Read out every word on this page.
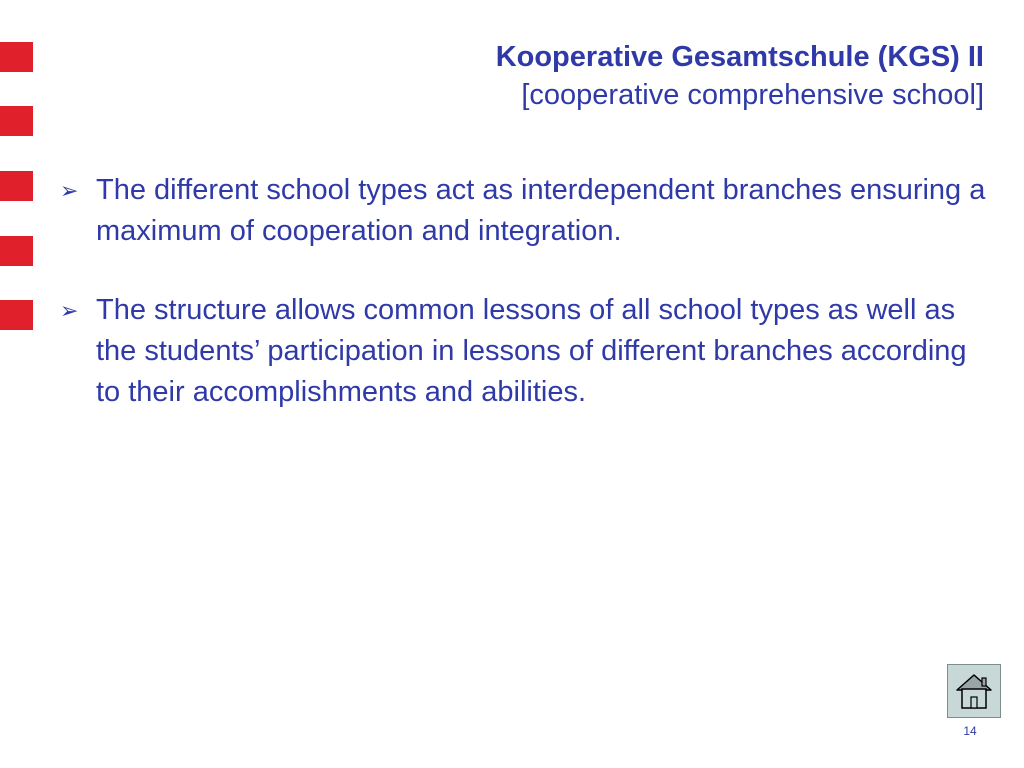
Kooperative Gesamtschule (KGS) II

[cooperative comprehensive school]

➢ The different school types act as interdependent branches ensuring a maximum of cooperation and integration.
➢ The structure allows common lessons of all school types as well as the students’ participation in lessons of different branches according to their accomplishments and abilities.
14
